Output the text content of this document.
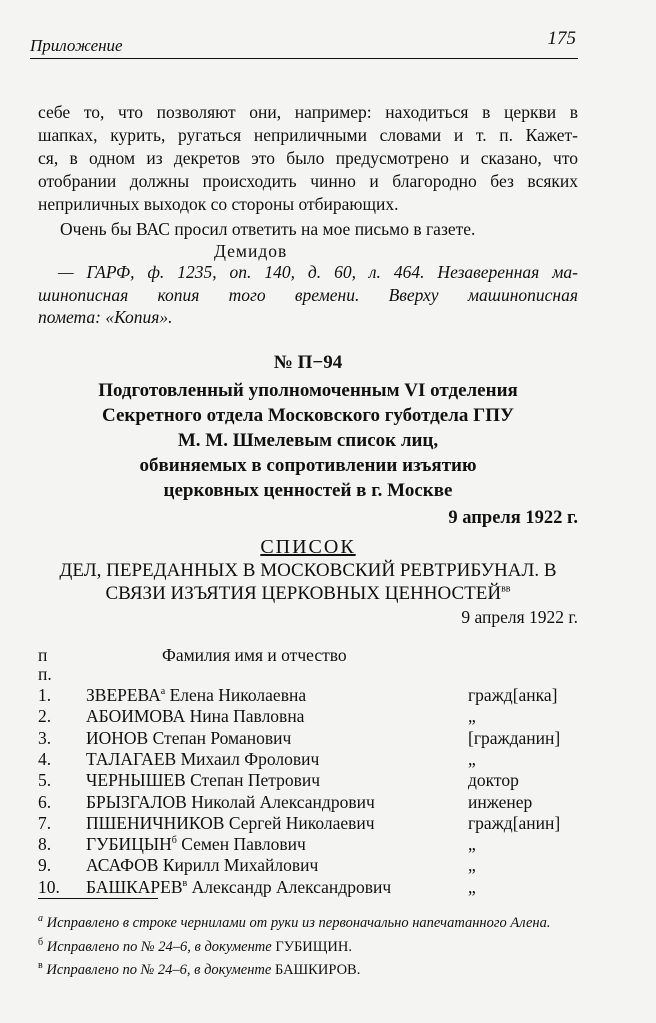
Приложение	175
себе то, что позволяют они, например: находиться в церкви в
шапках, курить, ругаться неприличными словами и т. п. Кажет-
ся, в одном из декретов это было предусмотрено и сказано, что
отобрании должны происходить чинно и благородно без всяких
неприличных выходок со стороны отбирающих.
Очень бы ВАС просил ответить на мое письмо в газете.
Демидов
— ГАРФ, ф. 1235, оп. 140, д. 60, л. 464. Незаверенная ма-
шинописная копия того времени. Вверху машинописная
помета: «Копия».
№ П−94
Подготовленный уполномоченным VI отделения
Секретного отдела Московского губотдела ГПУ
М. М. Шмелевым список лиц,
обвиняемых в сопротивлении изъятию
церковных ценностей в г. Москве
9 апреля 1922 г.
СПИСОК
ДЕЛ, ПЕРЕДАННЫХ В МОСКОВСКИЙ РЕВТРИБУНАЛ. В
СВЯЗИ ИЗЪЯТИЯ ЦЕРКОВНЫХ $ЦЕННОСТЕЙ^{вв}$
9 апреля 1922 г.
п	Фамилия имя и отчество
п.
1.	$ЗВЕРЕВА^а$ Елена Николаевна	гражд[анка]
2.	АБОИМОВА Нина Павловна	„
3.	ИОНОВ Степан Романович	[гражданин]
4.	ТАЛАГАЕВ Михаил Фролович	„
5.	ЧЕРНЫШЕВ Степан Петрович	доктор
6.	БРЫЗГАЛОВ Николай Александрович	инженер
7.	ПШЕНИЧНИКОВ Сергей Николаевич	гражд[анин]
8.	$ГУБИЦЫН^б$ Семен Павлович	„
9.	АСАФОВ Кирилл Михайлович	„
10.	$БАШКАРЕВ^в$ Александр Александрович	„
$^а$ Исправлено в строке чернилами от руки из первоначально напечатанного Алена.
$^б$ Исправлено по № 24–6, в документе ГУБИЩИН.
$^в$ Исправлено по № 24–6, в документе БАШКИРОВ.
